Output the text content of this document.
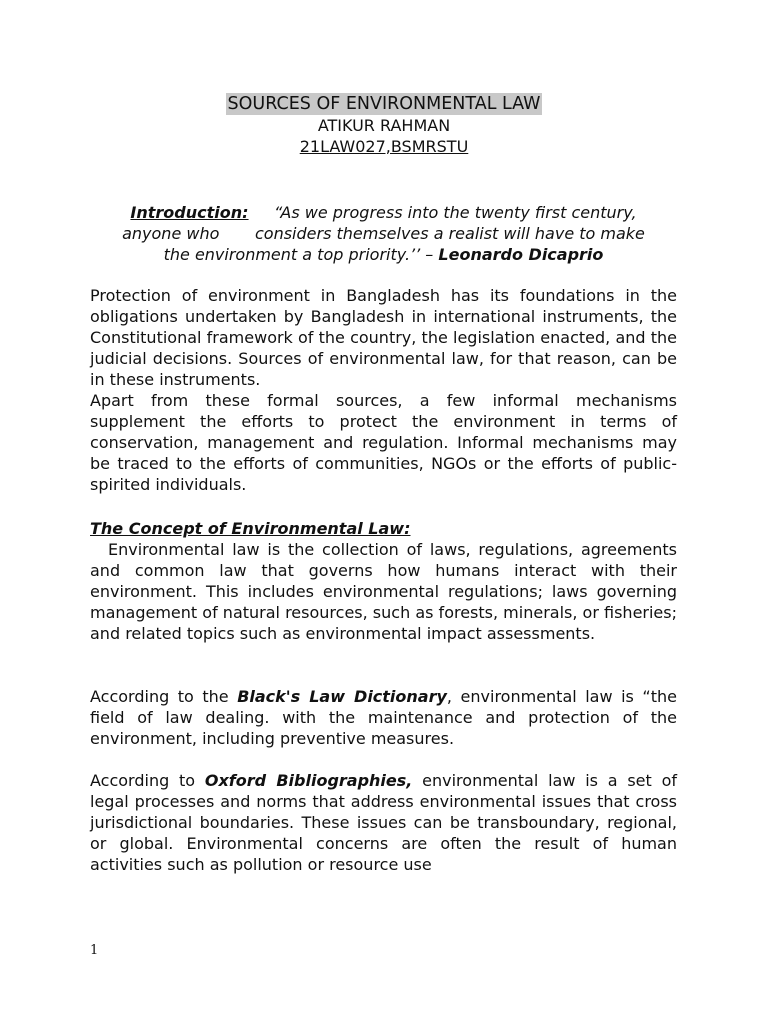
SOURCES OF ENVIRONMENTAL LAW
ATIKUR RAHMAN
21LAW027,BSMRSTU
Introduction: “As we progress into the twenty first century,
anyone who       considers themselves a realist will have to make
the environment a top priority.’’ – Leonardo Dicaprio

Protection of environment in Bangladesh has its foundations in the obligations undertaken by Bangladesh in international instruments, the Constitutional framework of the country, the legislation enacted, and the judicial decisions. Sources of environmental law, for that reason, can be in these instruments.

Apart from these formal sources, a few informal mechanisms supplement the efforts to protect the environment in terms of conservation, management and regulation. Informal mechanisms may be traced to the efforts of communities, NGOs or the efforts of public-spirited individuals.

The Concept of Environmental Law:

Environmental law is the collection of laws, regulations, agreements and common law that governs how humans interact with their environment. This includes environmental regulations; laws governing management of natural resources, such as forests, minerals, or fisheries; and related topics such as environmental impact assessments.

According to the Black's Law Dictionary, environmental law is “the field of law dealing. with the maintenance and protection of the environment, including preventive measures.

According to Oxford Bibliographies, environmental law is a set of legal processes and norms that address environmental issues that cross jurisdictional boundaries. These issues can be transboundary, regional, or global. Environmental concerns are often the result of human activities such as pollution or resource use

1
